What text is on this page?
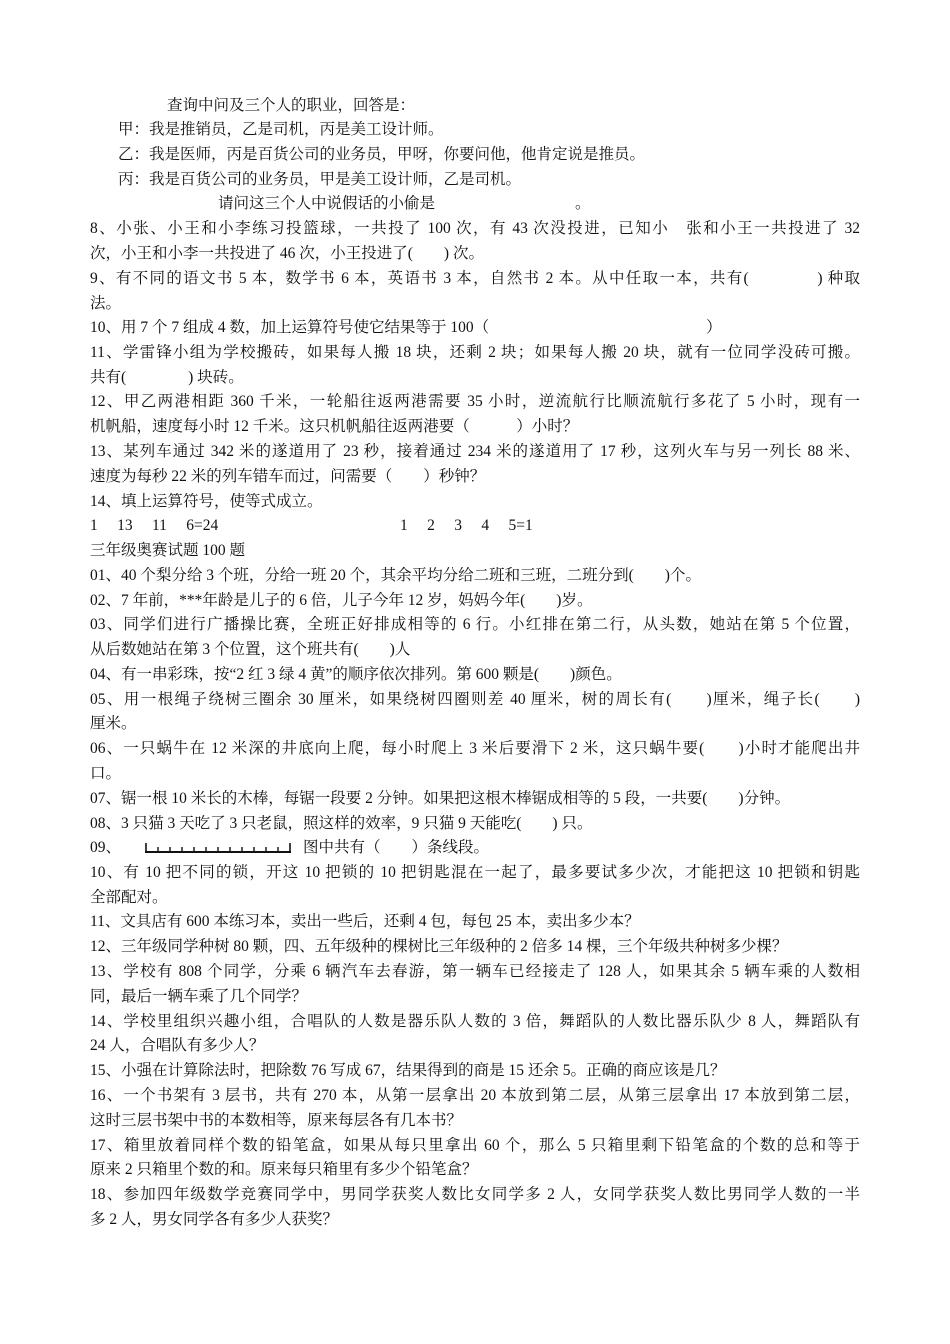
查询中问及三个人的职业，回答是：
甲：我是推销员，乙是司机，丙是美工设计师。
乙：我是医师，丙是百货公司的业务员，甲呀，你要问他，他肯定说是推员。
丙：我是百货公司的业务员，甲是美工设计师，乙是司机。
请问这三个人中说假话的小偷是	。
8、小张、小王和小李练习投篮球，一共投了 100 次，有 43 次没投进，已知小　张和小王一共投进了 32
次，小王和小李一共投进了 46 次，小王投进了(　　) 次。
9、有不同的语文书 5 本，数学书 6 本，英语书 3 本，自然书 2 本。从中任取一本，共有(　　　　) 种取
法。
10、用 7 个 7 组成 4 数，加上运算符号使它结果等于 100（　　　　　　　　　　　　　　）
11、学雷锋小组为学校搬砖，如果每人搬 18 块，还剩 2 块；如果每人搬 20 块，就有一位同学没砖可搬。
共有(　　　　) 块砖。
12、甲乙两港相距 360 千米，一轮船往返两港需要 35 小时，逆流航行比顺流航行多花了 5 小时，现有一
机帆船，速度每小时 12 千米。这只机帆船往返两港要（　　　）小时？
13、某列车通过 342 米的遂道用了 23 秒，接着通过 234 米的遂道用了 17 秒，这列火车与另一列长 88 米、
速度为每秒 22 米的列车错车而过，问需要（　　）秒钟？
14、填上运算符号，使等式成立。
1　 13　 11　 6=24	1　 2　 3　 4　 5=1
三年级奥赛试题 100 题
01、40 个梨分给 3 个班，分给一班 20 个，其余平均分给二班和三班，二班分到(　　)个。
02、7 年前，***年龄是儿子的 6 倍，儿子今年 12 岁，妈妈今年(　　)岁。
03、同学们进行广播操比赛，全班正好排成相等的 6 行。小红排在第二行，从头数，她站在第 5 个位置，
从后数她站在第 3 个位置，这个班共有(　　)人
04、有一串彩珠，按“2 红 3 绿 4 黄”的顺序依次排列。第 600 颗是(　　)颜色。
05、用一根绳子绕树三圈余 30 厘米，如果绕树四圈则差 40 厘米，树的周长有(　　)厘米，绳子长(　　)
厘米。
06、一只蜗牛在 12 米深的井底向上爬，每小时爬上 3 米后要滑下 2 米，这只蜗牛要(　　)小时才能爬出井
口。
07、锯一根 10 米长的木棒，每锯一段要 2 分钟。如果把这根木棒锯成相等的 5 段，一共要(　　)分钟。
08、3 只猫 3 天吃了 3 只老鼠，照这样的效率，9 只猫 9 天能吃(　　) 只。
09、	图中共有（　　）条线段。
10、有 10 把不同的锁，开这 10 把锁的 10 把钥匙混在一起了，最多要试多少次，才能把这 10 把锁和钥匙
全部配对。
11、文具店有 600 本练习本，卖出一些后，还剩 4 包，每包 25 本，卖出多少本？
12、三年级同学种树 80 颗，四、五年级种的棵树比三年级种的 2 倍多 14 棵，三个年级共种树多少棵？
13、学校有 808 个同学，分乘 6 辆汽车去春游，第一辆车已经接走了 128 人，如果其余 5 辆车乘的人数相
同，最后一辆车乘了几个同学？
14、学校里组织兴趣小组，合唱队的人数是器乐队人数的 3 倍，舞蹈队的人数比器乐队少 8 人，舞蹈队有
24 人，合唱队有多少人？
15、小强在计算除法时，把除数 76 写成 67，结果得到的商是 15 还余 5。正确的商应该是几？
16、一个书架有 3 层书，共有 270 本，从第一层拿出 20 本放到第二层，从第三层拿出 17 本放到第二层，
这时三层书架中书的本数相等，原来每层各有几本书？
17、箱里放着同样个数的铅笔盒，如果从每只里拿出 60 个，那么 5 只箱里剩下铅笔盒的个数的总和等于
原来 2 只箱里个数的和。原来每只箱里有多少个铅笔盒？
18、参加四年级数学竞赛同学中，男同学获奖人数比女同学多 2 人，女同学获奖人数比男同学人数的一半
多 2 人，男女同学各有多少人获奖？
